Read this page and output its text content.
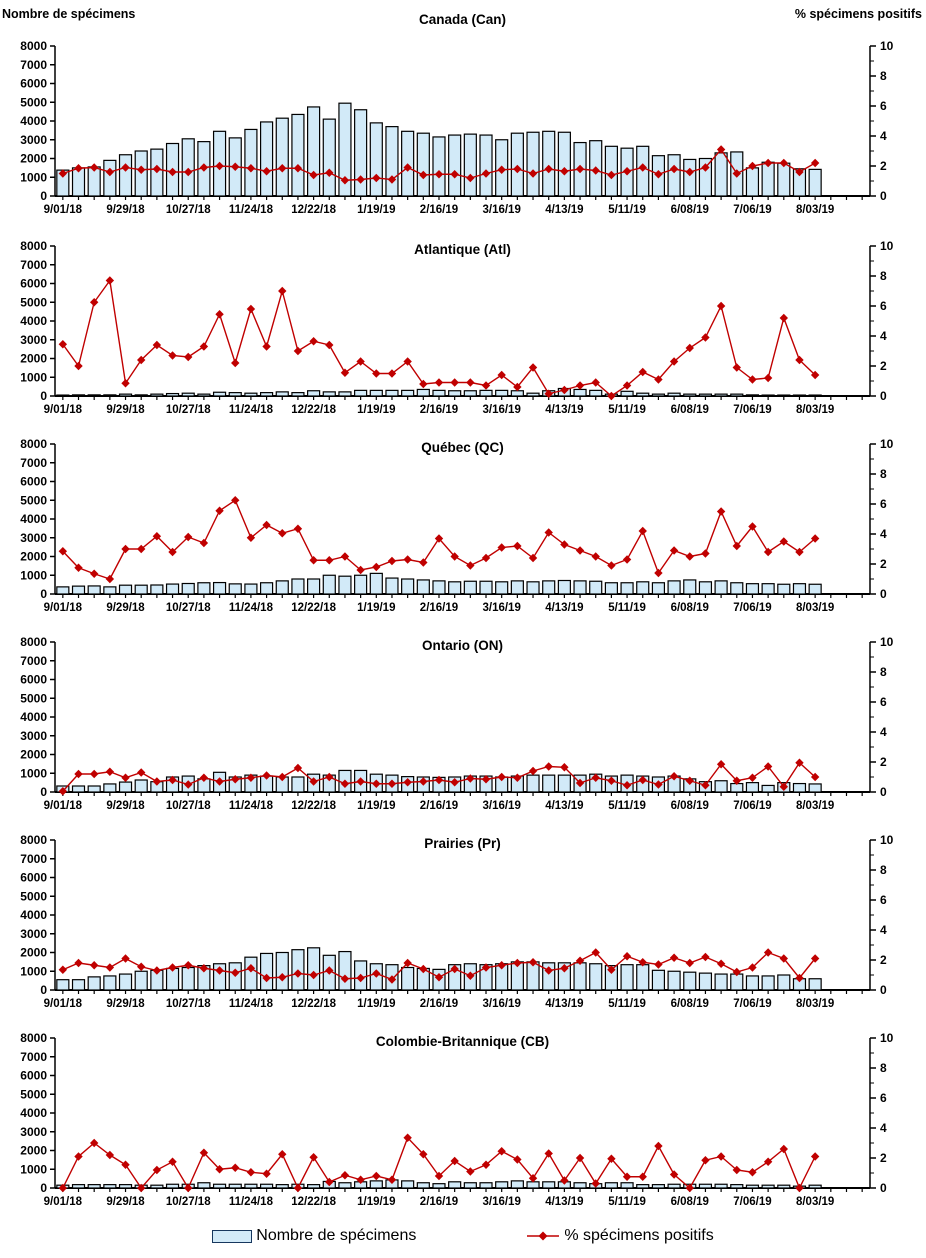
Nombre de spécimens	% spécimens positifs
Canada (Can)
0
1000
2000
3000
4000
5000
6000
7000
8000
0
2
4
6
8
10
9/01/18 9/29/18 10/27/18 11/24/18 12/22/18 1/19/19 2/16/19 3/16/19 4/13/19 5/11/19 6/08/19 7/06/19 8/03/19
Atlantique (Atl)
0
1000
2000
3000
4000
5000
6000
7000
8000
0
2
4
6
8
10
9/01/18 9/29/18 10/27/18 11/24/18 12/22/18 1/19/19 2/16/19 3/16/19 4/13/19 5/11/19 6/08/19 7/06/19 8/03/19
Québec (QC)
0
1000
2000
3000
4000
5000
6000
7000
8000
0
2
4
6
8
10
9/01/18 9/29/18 10/27/18 11/24/18 12/22/18 1/19/19 2/16/19 3/16/19 4/13/19 5/11/19 6/08/19 7/06/19 8/03/19
Ontario (ON)
0
1000
2000
3000
4000
5000
6000
7000
8000
0
2
4
6
8
10
9/01/18 9/29/18 10/27/18 11/24/18 12/22/18 1/19/19 2/16/19 3/16/19 4/13/19 5/11/19 6/08/19 7/06/19 8/03/19
Prairies (Pr)
0
1000
2000
3000
4000
5000
6000
7000
8000
0
2
4
6
8
10
9/01/18 9/29/18 10/27/18 11/24/18 12/22/18 1/19/19 2/16/19 3/16/19 4/13/19 5/11/19 6/08/19 7/06/19 8/03/19
Colombie-Britannique (CB)
0
1000
2000
3000
4000
5000
6000
7000
8000
0
2
4
6
8
10
9/01/18 9/29/18 10/27/18 11/24/18 12/22/18 1/19/19 2/16/19 3/16/19 4/13/19 5/11/19 6/08/19 7/06/19 8/03/19
Nombre de spécimens	% spécimens positifs
